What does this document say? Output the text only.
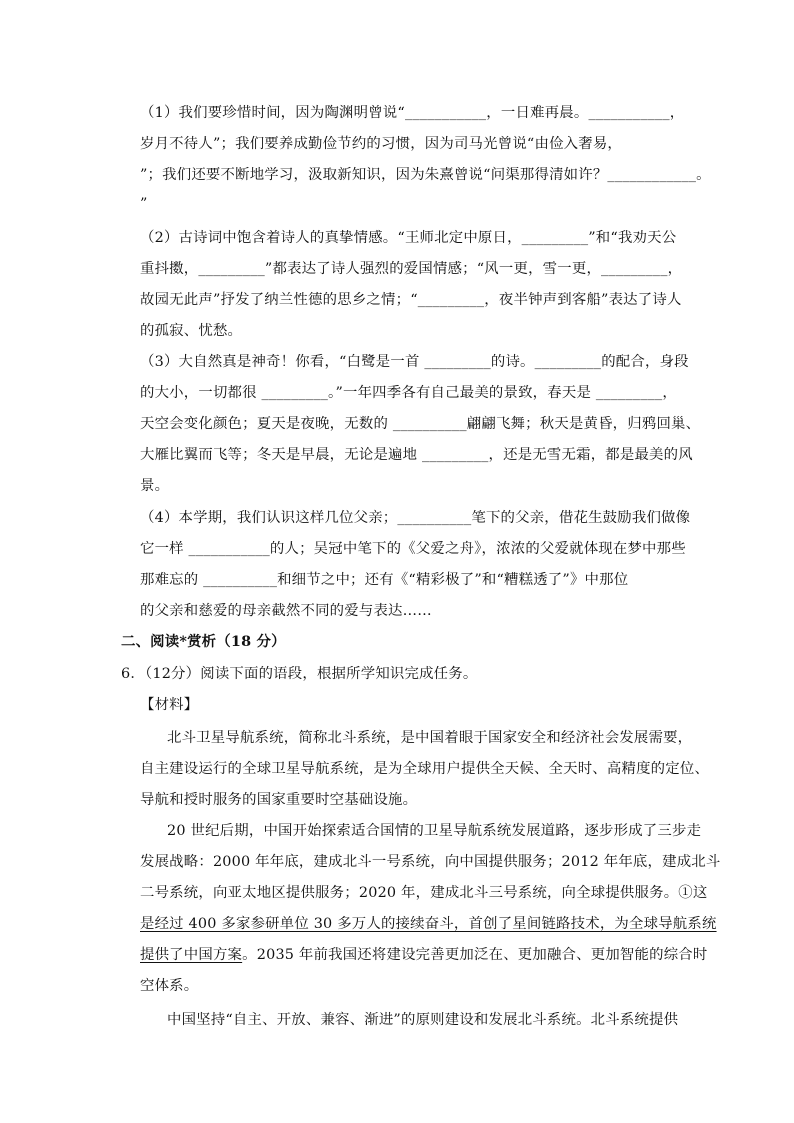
（1）我们要珍惜时间，因为陶渊明曾说“___________，一日难再晨。___________，
岁月不待人”；我们要养成勤俭节约的习惯，因为司马光曾说“由俭入奢易，
”；我们还要不断地学习，汲取新知识，因为朱熹曾说“问渠那得清如许？____________。
”
（2）古诗词中饱含着诗人的真挚情感。“王师北定中原日，_________”和“我劝天公
重抖擞，_________”都表达了诗人强烈的爱国情感；“风一更，雪一更，_________，
故园无此声”抒发了纳兰性德的思乡之情；“_________，夜半钟声到客船”表达了诗人
的孤寂、忧愁。
（3）大自然真是神奇！你看，“白鹭是一首 _________的诗。_________的配合，身段
的大小，一切都很 _________。”一年四季各有自己最美的景致，春天是 _________，
天空会变化颜色；夏天是夜晚，无数的 __________翩翩飞舞；秋天是黄昏，归鸦回巢、
大雁比翼而飞等；冬天是早晨，无论是遍地 _________，还是无雪无霜，都是最美的风
景。
（4）本学期，我们认识这样几位父亲；__________笔下的父亲，借花生鼓励我们做像
它一样 ___________的人；吴冠中笔下的《父爱之舟》，浓浓的父爱就体现在梦中那些
那难忘的 __________和细节之中；还有《“精彩极了”和“糟糕透了”》中那位
的父亲和慈爱的母亲截然不同的爱与表达……
二、阅读*赏析（18 分）
6．（12分）阅读下面的语段，根据所学知识完成任务。
【材料】
北斗卫星导航系统，简称北斗系统，是中国着眼于国家安全和经济社会发展需要，
自主建设运行的全球卫星导航系统，是为全球用户提供全天候、全天时、高精度的定位、
导航和授时服务的国家重要时空基础设施。
20 世纪后期，中国开始探索适合国情的卫星导航系统发展道路，逐步形成了三步走
发展战略：2000 年年底，建成北斗一号系统，向中国提供服务；2012 年年底，建成北斗
二号系统，向亚太地区提供服务；2020 年，建成北斗三号系统，向全球提供服务。①这
是经过 400 多家参研单位 30 多万人的接续奋斗，首创了星间链路技术，为全球导航系统
提供了中国方案。2035 年前我国还将建设完善更加泛在、更加融合、更加智能的综合时
空体系。
中国坚持“自主、开放、兼容、渐进”的原则建设和发展北斗系统。北斗系统提供
